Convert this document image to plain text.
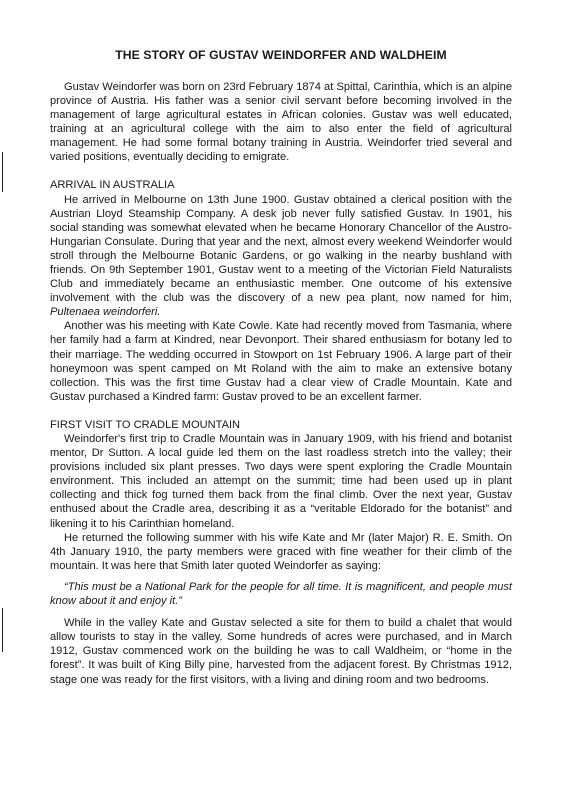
THE STORY OF GUSTAV WEINDORFER AND WALDHEIM

Gustav Weindorfer was born on 23rd February 1874 at Spittal, Carinthia, which is an alpine province of Austria. His father was a senior civil servant before becoming involved in the management of large agricultural estates in African colonies. Gustav was well educated, training at an agricultural college with the aim to also enter the field of agricultural management. He had some formal botany training in Austria. Weindorfer tried several and varied positions, eventually deciding to emigrate.

ARRIVAL IN AUSTRALIA

He arrived in Melbourne on 13th June 1900. Gustav obtained a clerical position with the Austrian Lloyd Steamship Company. A desk job never fully satisfied Gustav. In 1901, his social standing was somewhat elevated when he became Honorary Chancellor of the Austro-Hungarian Consulate. During that year and the next, almost every weekend Weindorfer would stroll through the Melbourne Botanic Gardens, or go walking in the nearby bushland with friends. On 9th September 1901, Gustav went to a meeting of the Victorian Field Naturalists Club and immediately became an enthusiastic member. One outcome of his extensive involvement with the club was the discovery of a new pea plant, now named for him, Pultenaea weindorferi.

Another was his meeting with Kate Cowle. Kate had recently moved from Tasmania, where her family had a farm at Kindred, near Devonport. Their shared enthusiasm for botany led to their marriage. The wedding occurred in Stowport on 1st February 1906. A large part of their honeymoon was spent camped on Mt Roland with the aim to make an extensive botany collection. This was the first time Gustav had a clear view of Cradle Mountain. Kate and Gustav purchased a Kindred farm: Gustav proved to be an excellent farmer.

FIRST VISIT TO CRADLE MOUNTAIN

Weindorfer's first trip to Cradle Mountain was in January 1909, with his friend and botanist mentor, Dr Sutton. A local guide led them on the last roadless stretch into the valley; their provisions included six plant presses. Two days were spent exploring the Cradle Mountain environment. This included an attempt on the summit; time had been used up in plant collecting and thick fog turned them back from the final climb. Over the next year, Gustav enthused about the Cradle area, describing it as a “veritable Eldorado for the botanist” and likening it to his Carinthian homeland.

He returned the following summer with his wife Kate and Mr (later Major) R. E. Smith. On 4th January 1910, the party members were graced with fine weather for their climb of the mountain. It was here that Smith later quoted Weindorfer as saying:

“This must be a National Park for the people for all time. It is magnificent, and people must know about it and enjoy it.”

While in the valley Kate and Gustav selected a site for them to build a chalet that would allow tourists to stay in the valley. Some hundreds of acres were purchased, and in March 1912, Gustav commenced work on the building he was to call Waldheim, or “home in the forest”. It was built of King Billy pine, harvested from the adjacent forest. By Christmas 1912, stage one was ready for the first visitors, with a living and dining room and two bedrooms.
